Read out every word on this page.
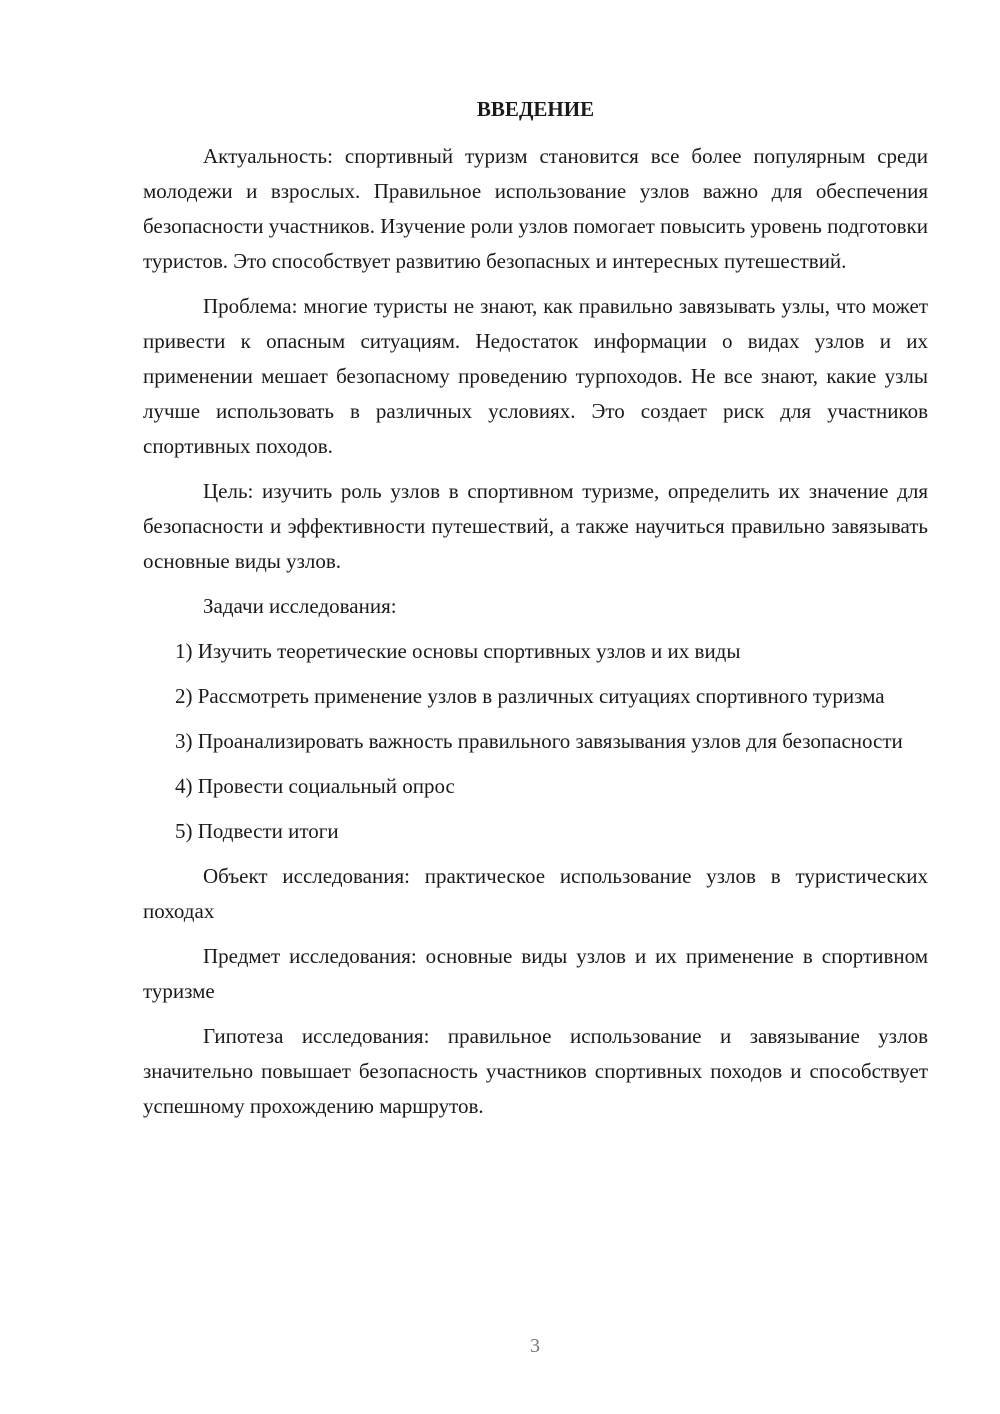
ВВЕДЕНИЕ

Актуальность: спортивный туризм становится все более популярным среди молодежи и взрослых. Правильное использование узлов важно для обеспечения безопасности участников. Изучение роли узлов помогает повысить уровень подготовки туристов. Это способствует развитию безопасных и интересных путешествий.

Проблема: многие туристы не знают, как правильно завязывать узлы, что может привести к опасным ситуациям. Недостаток информации о видах узлов и их применении мешает безопасному проведению турпоходов. Не все знают, какие узлы лучше использовать в различных условиях. Это создает риск для участников спортивных походов.

Цель: изучить роль узлов в спортивном туризме, определить их значение для безопасности и эффективности путешествий, а также научиться правильно завязывать основные виды узлов.

Задачи исследования:

1) Изучить теоретические основы спортивных узлов и их виды

2) Рассмотреть применение узлов в различных ситуациях спортивного туризма

3) Проанализировать важность правильного завязывания узлов для безопасности

4) Провести социальный опрос

5) Подвести итоги

Объект исследования: практическое использование узлов в туристических походах

Предмет исследования: основные виды узлов и их применение в спортивном туризме

Гипотеза исследования: правильное использование и завязывание узлов значительно повышает безопасность участников спортивных походов и способствует успешному прохождению маршрутов.

3
